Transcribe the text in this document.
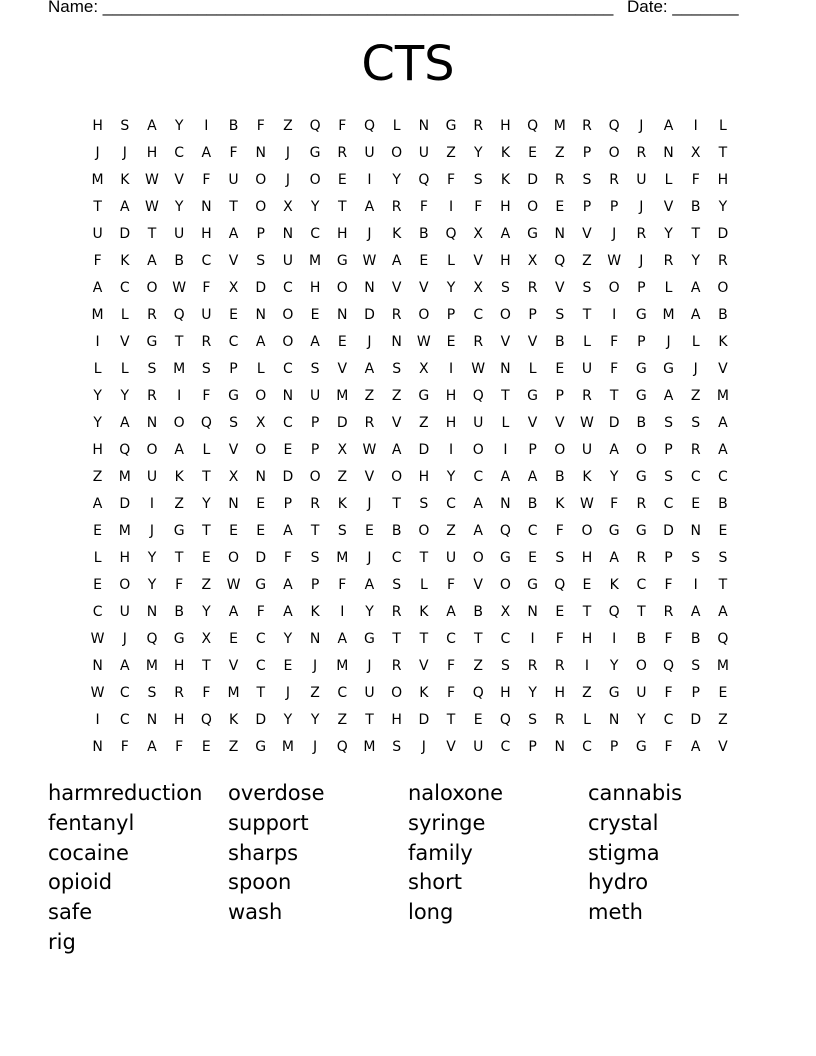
Name: ______________________________________________________ Date: _______
CTS
H	S	A	Y	I	B	F	Z	Q	F	Q	L	N	G	R	H	Q	M	R	Q	J	A	I	L
J	J	H	C	A	F	N	J	G	R	U	O	U	Z	Y	K	E	Z	P	O	R	N	X	T
M	K	W	V	F	U	O	J	O	E	I	Y	Q	F	S	K	D	R	S	R	U	L	F	H
T	A	W	Y	N	T	O	X	Y	T	A	R	F	I	F	H	O	E	P	P	J	V	B	Y
U	D	T	U	H	A	P	N	C	H	J	K	B	Q	X	A	G	N	V	J	R	Y	T	D
F	K	A	B	C	V	S	U	M	G	W	A	E	L	V	H	X	Q	Z	W	J	R	Y	R
A	C	O	W	F	X	D	C	H	O	N	V	V	Y	X	S	R	V	S	O	P	L	A	O
M	L	R	Q	U	E	N	O	E	N	D	R	O	P	C	O	P	S	T	I	G	M	A	B
I	V	G	T	R	C	A	O	A	E	J	N	W	E	R	V	V	B	L	F	P	J	L	K
L	L	S	M	S	P	L	C	S	V	A	S	X	I	W	N	L	E	U	F	G	G	J	V
Y	Y	R	I	F	G	O	N	U	M	Z	Z	G	H	Q	T	G	P	R	T	G	A	Z	M
Y	A	N	O	Q	S	X	C	P	D	R	V	Z	H	U	L	V	V	W	D	B	S	S	A
H	Q	O	A	L	V	O	E	P	X	W	A	D	I	O	I	P	O	U	A	O	P	R	A
Z	M	U	K	T	X	N	D	O	Z	V	O	H	Y	C	A	A	B	K	Y	G	S	C	C
A	D	I	Z	Y	N	E	P	R	K	J	T	S	C	A	N	B	K	W	F	R	C	E	B
E	M	J	G	T	E	E	A	T	S	E	B	O	Z	A	Q	C	F	O	G	G	D	N	E
L	H	Y	T	E	O	D	F	S	M	J	C	T	U	O	G	E	S	H	A	R	P	S	S
E	O	Y	F	Z	W	G	A	P	F	A	S	L	F	V	O	G	Q	E	K	C	F	I	T
C	U	N	B	Y	A	F	A	K	I	Y	R	K	A	B	X	N	E	T	Q	T	R	A	A
W	J	Q	G	X	E	C	Y	N	A	G	T	T	C	T	C	I	F	H	I	B	F	B	Q
N	A	M	H	T	V	C	E	J	M	J	R	V	F	Z	S	R	R	I	Y	O	Q	S	M
W	C	S	R	F	M	T	J	Z	C	U	O	K	F	Q	H	Y	H	Z	G	U	F	P	E
I	C	N	H	Q	K	D	Y	Y	Z	T	H	D	T	E	Q	S	R	L	N	Y	C	D	Z
N	F	A	F	E	Z	G	M	J	Q	M	S	J	V	U	C	P	N	C	P	G	F	A	V
harmreduction	overdose	naloxone	cannabis
fentanyl	support	syringe	crystal
cocaine	sharps	family	stigma
opioid	spoon	short	hydro
safe	wash	long	meth
rig
